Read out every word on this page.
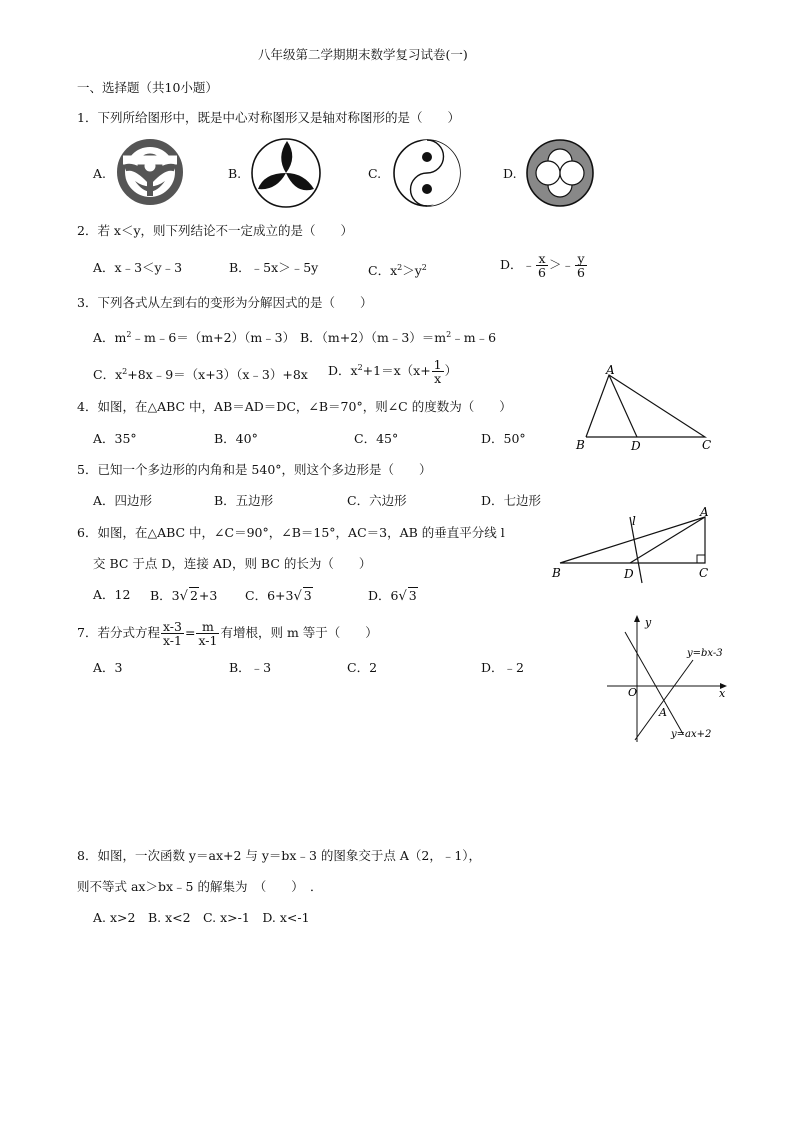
八年级第二学期期末数学复习试卷(一)
一、选择题（共10小题）
1．下列所给图形中，既是中心对称图形又是轴对称图形的是（　　）
A.	B.	C.	D.
2．若 x＜y，则下列结论不一定成立的是（　　）
A．x﹣3＜y﹣3	B．﹣5x＞﹣5y	C．$x^2>y^2$	D．﹣ $\frac{x}{6}$ ＞﹣ $\frac{y}{6}$
3．下列各式从左到右的变形为分解因式的是（　　）
A．$m^2﹣m﹣6=(m+2)(m﹣3)$ B．$(m+2)(m﹣3)=m^2﹣m﹣6$
C．$x^2+8x﹣9=(x+3)(x﹣3)+8x$ D．$x^2+1=x(x+ \frac{1}{x}$ ）	A
B	D	C
4．如图，在△ABC 中，AB＝AD＝DC，∠B＝70°，则∠C 的度数为（　　）
A．35°	B．40°	C．45°	D．50°
5．已知一个多边形的内角和是 540°，则这个多边形是（　　）
A．四边形	B．五边形	C．六边形	D．七边形
6．如图，在△ABC 中，∠C＝90°，∠B＝15°，AC＝3，AB 的垂直平分线 l
交 BC 于点 D，连接 AD，则 BC 的长为（　　）
A．12 B．3√ 2+3 C．6+3√ 3	D．6√ 3
l
A
B	D	C
7．若分式方程 $\frac{x-3}{x-1} = \frac{m}{x-1}$ 有增根，则 m 等于（　　）
A．3	B．﹣3	C．2	D．﹣2
y
x
O
A
y=bx-3
y=ax+2
8．如图，一次函数 y＝ax+2 与 y＝bx﹣3 的图象交于点 A（2，﹣1），
则不等式 ax＞bx﹣5 的解集为　（　　）　．
A. x>2　B. x<2　C. x>-1　D. x<-1
